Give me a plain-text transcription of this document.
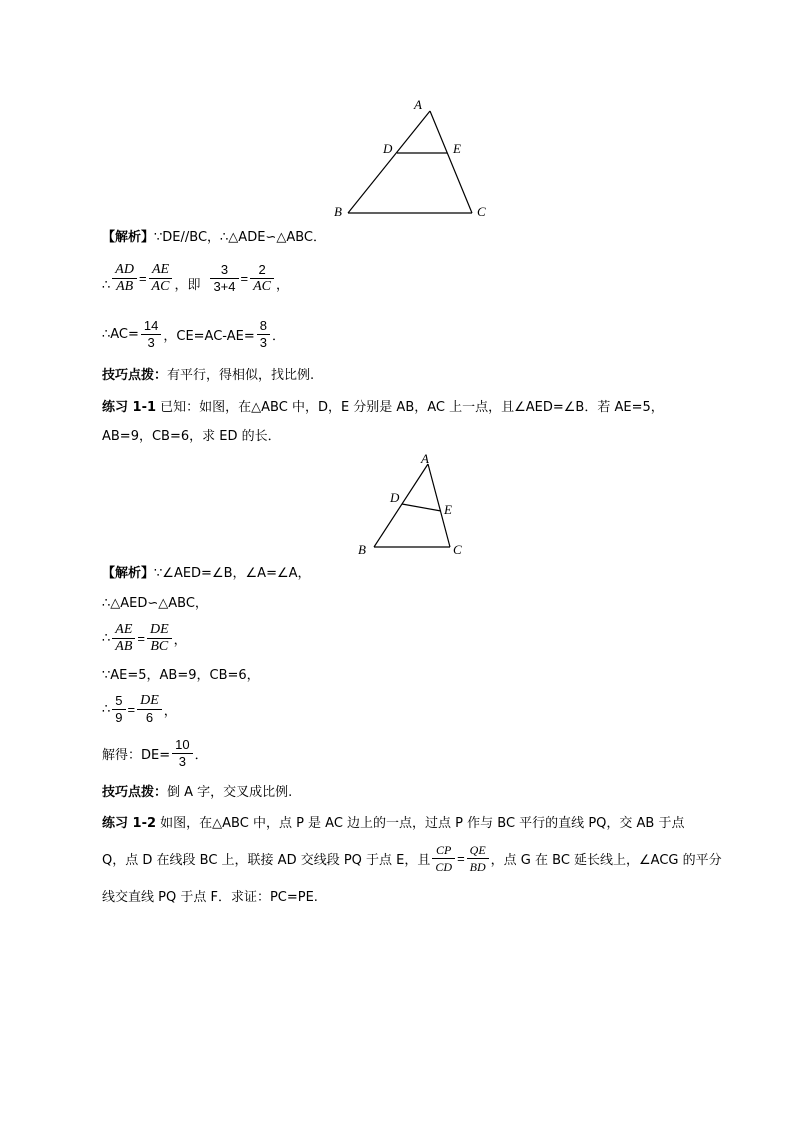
A
D	E
B	C
【解析】∵DE//BC，∴△ADE∽△ABC．
∴ $\frac{AD}{AB} = \frac{AE}{AC}$ ，即 $\frac{3}{3+4} = \frac{2}{AC}$ ，
∴AC= $\frac{14}{3}$ ，$CE=AC-AE= \frac{8}{3}$ ．
技巧点拨：有平行，得相似，找比例.
练习 1-1 已知：如图，在△ABC 中，D，E 分别是 AB，AC 上一点，且∠AED=∠B．若 AE=5，
AB=9，CB=6，求 ED 的长．
A
D
E
B	C
【解析】∵∠AED=∠B，∠A=∠A，
∴△AED∽△ABC，
∴ $\frac{AE}{AB} = \frac{DE}{BC}$ ，
∵AE=5，AB=9，CB=6，
∴ $\frac{5}{9} = \frac{DE}{6}$ ，
解得：$DE= \frac{10}{3}$ ．
技巧点拨：倒 A 字，交叉成比例.
练习 1-2 如图，在△ABC 中，点 P 是 AC 边上的一点，过点 P 作与 BC 平行的直线 PQ，交 AB 于点
Q，点 D 在线段 BC 上，联接 AD 交线段 PQ 于点 E，且 $\frac{CP}{CD} = \frac{QE}{BD}$ ，点 G 在 BC 延长线上，∠ACG 的平分
线交直线 PQ 于点 F．求证：PC=PE.
